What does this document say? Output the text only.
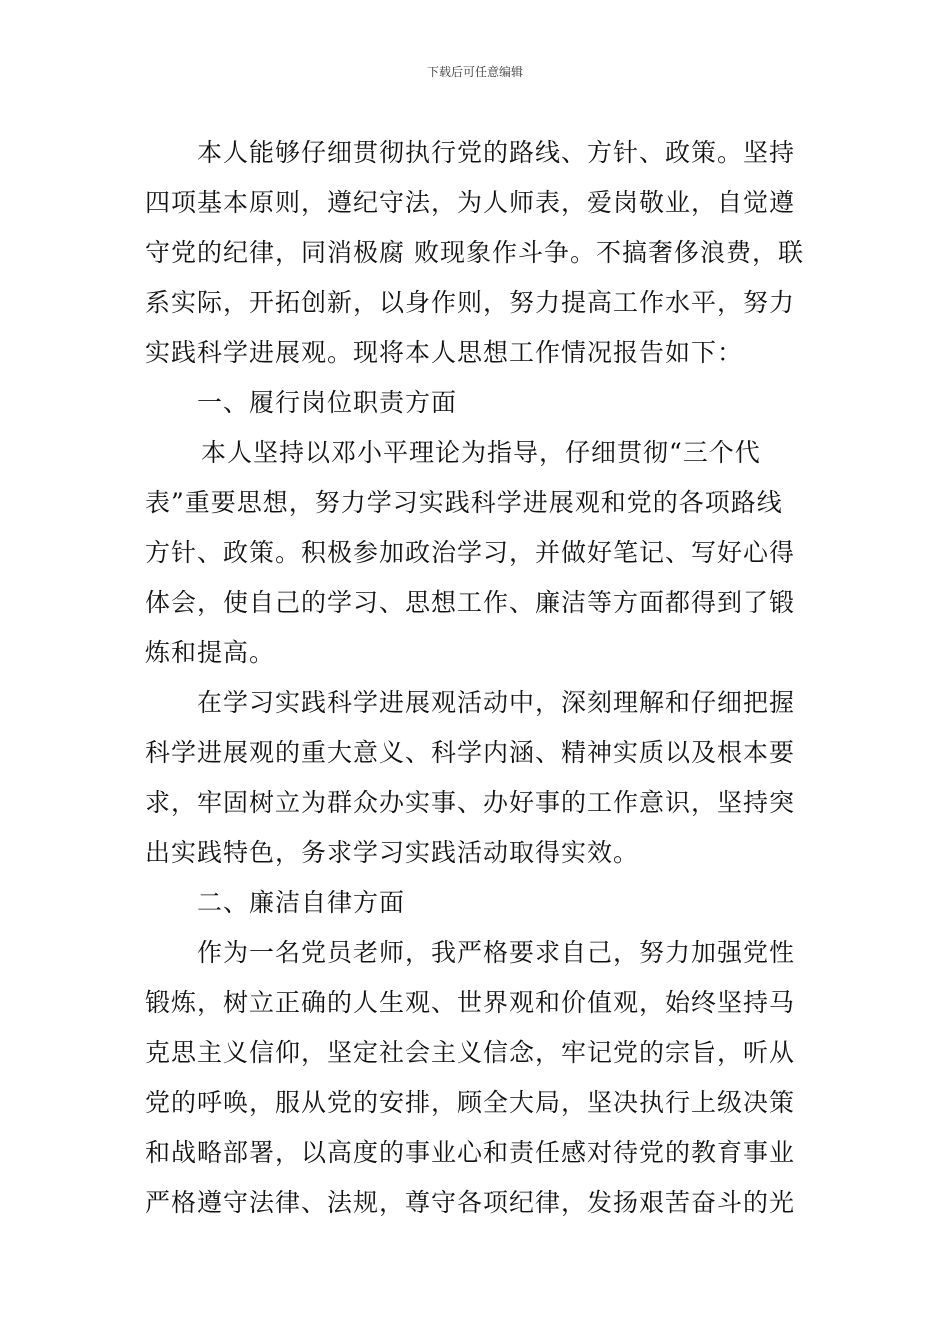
下载后可任意编辑
本人能够仔细贯彻执行党的路线、方针、政策。坚持
四项基本原则，遵纪守法，为人师表，爱岗敬业，自觉遵
守党的纪律，同消极腐 败现象作斗争。不搞奢侈浪费，联
系实际，开拓创新，以身作则，努力提高工作水平，努力
实践科学进展观。现将本人思想工作情况报告如下：
一、履行岗位职责方面
本人坚持以邓小平理论为指导，仔细贯彻“三个代
表”重要思想，努力学习实践科学进展观和党的各项路线
方针、政策。积极参加政治学习，并做好笔记、写好心得
体会，使自己的学习、思想工作、廉洁等方面都得到了锻
炼和提高。
在学习实践科学进展观活动中，深刻理解和仔细把握
科学进展观的重大意义、科学内涵、精神实质以及根本要
求，牢固树立为群众办实事、办好事的工作意识，坚持突
出实践特色，务求学习实践活动取得实效。
二、廉洁自律方面
作为一名党员老师，我严格要求自己，努力加强党性
锻炼，树立正确的人生观、世界观和价值观，始终坚持马
克思主义信仰，坚定社会主义信念，牢记党的宗旨，听从
党的呼唤，服从党的安排，顾全大局，坚决执行上级决策
和战略部署，以高度的事业心和责任感对待党的教育事业
严格遵守法律、法规，尊守各项纪律，发扬艰苦奋斗的光
